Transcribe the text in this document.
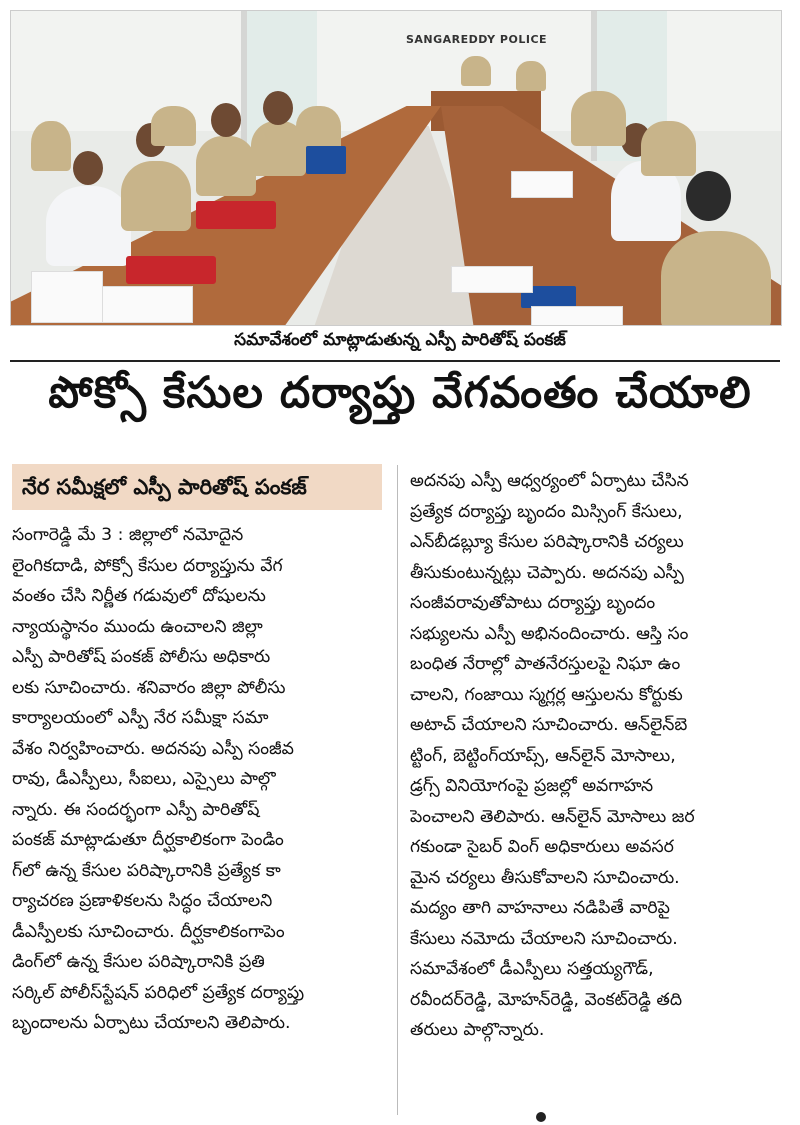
SANGAREDDY POLICE
సమావేశంలో మాట్లాడుతున్న ఎస్పీ పారితోష్ పంకజ్
పోక్సో కేసుల దర్యాప్తు వేగవంతం చేయాలి
నేర సమీక్షలో ఎస్పీ పారితోష్ పంకజ్
సంగారెడ్డి మే 3 : జిల్లాలో నమోదైన
లైంగికదాడి, పోక్సో కేసుల దర్యాప్తును వేగ
వంతం చేసి నిర్ణీత గడువులో దోషులను
న్యాయస్థానం ముందు ఉంచాలని జిల్లా
ఎస్పీ పారితోష్ పంకజ్ పోలీసు అధికారు
లకు సూచించారు. శనివారం జిల్లా పోలీసు
కార్యాలయంలో ఎస్పీ నేర సమీక్షా సమా
వేశం నిర్వహించారు. అదనపు ఎస్పీ సంజీవ
రావు, డీఎస్పీలు, సీఐలు, ఎస్సైలు పాల్గొ
న్నారు. ఈ సందర్భంగా ఎస్పీ పారితోష్
పంకజ్ మాట్లాడుతూ దీర్ఘకాలికంగా పెండిం
గ్‌లో ఉన్న కేసుల పరిష్కారానికి ప్రత్యేక కా
ర్యాచరణ ప్రణాళికలను సిద్ధం చేయాలని
డీఎస్పీలకు సూచించారు. దీర్ఘకాలికంగాపెం
డింగ్‌లో ఉన్న కేసుల పరిష్కారానికి ప్రతి
సర్కిల్ పోలీస్‌స్టేషన్ పరిధిలో ప్రత్యేక దర్యాప్తు
బృందాలను ఏర్పాటు చేయాలని తెలిపారు.
అదనపు ఎస్పీ ఆధ్వర్యంలో ఏర్పాటు చేసిన
ప్రత్యేక దర్యాప్తు బృందం మిస్సింగ్ కేసులు,
ఎన్‌బీడబ్ల్యూ కేసుల పరిష్కారానికి చర్యలు
తీసుకుంటున్నట్లు చెప్పారు. అదనపు ఎస్పీ
సంజీవరావుతోపాటు దర్యాప్తు బృందం
సభ్యులను ఎస్పీ అభినందించారు. ఆస్తి సం
బంధిత నేరాల్లో పాతనేరస్తులపై నిఘా ఉం
చాలని, గంజాయి స్మగ్లర్ల ఆస్తులను కోర్టుకు
అటాచ్ చేయాలని సూచించారు. ఆన్‌లైన్‌బె
ట్టింగ్, బెట్టింగ్‌యాప్స్, ఆన్‌లైన్ మోసాలు,
డ్రగ్స్ వినియోగంపై ప్రజల్లో అవగాహన
పెంచాలని తెలిపారు. ఆన్‌లైన్ మోసాలు జర
గకుండా సైబర్ వింగ్ అధికారులు అవసర
మైన చర్యలు తీసుకోవాలని సూచించారు.
మద్యం తాగి వాహనాలు నడిపితే వారిపై
కేసులు నమోదు చేయాలని సూచించారు.
సమావేశంలో డీఎస్పీలు సత్తయ్యగౌడ్,
రవీందర్‌రెడ్డి, మోహన్‌రెడ్డి, వెంకట్‌రెడ్డి తది
తరులు పాల్గొన్నారు.
